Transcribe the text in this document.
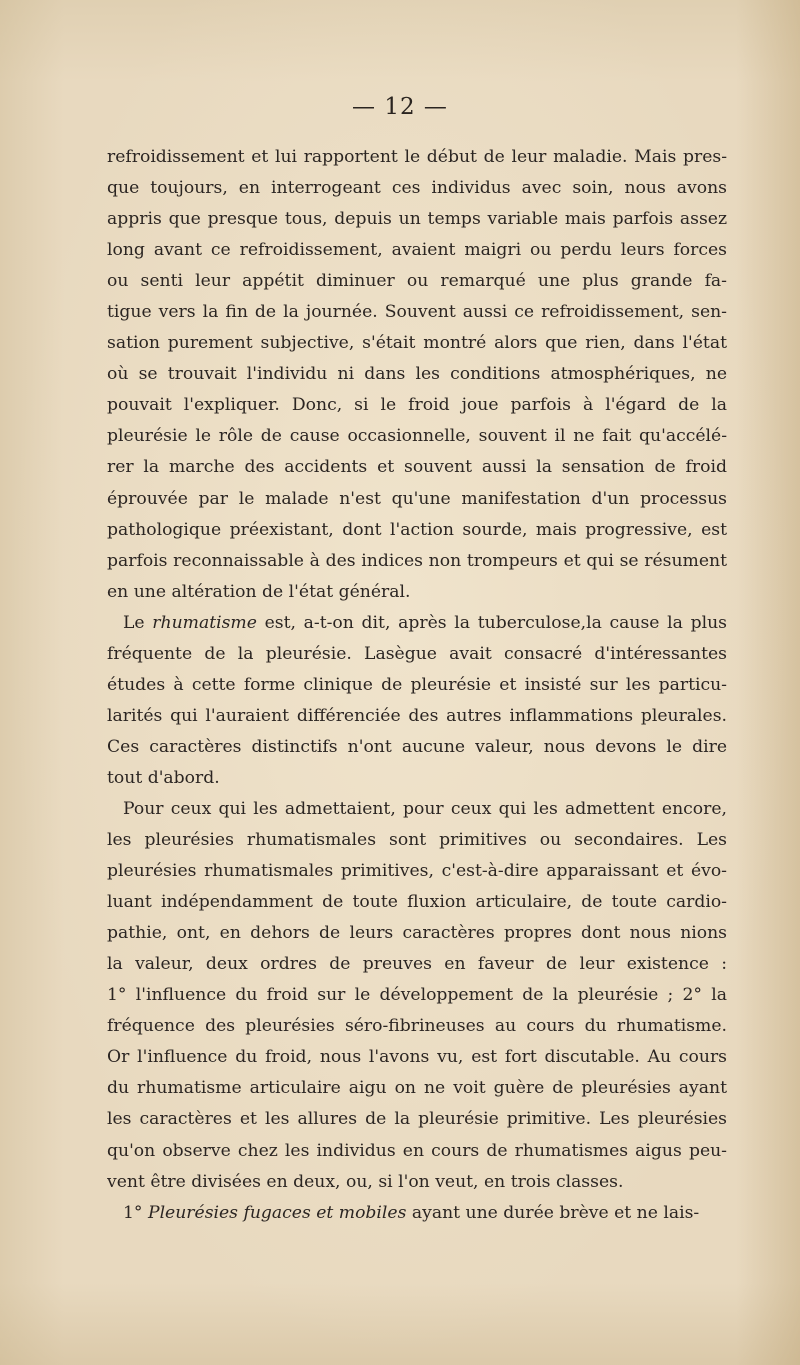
— 12 —
refroidissement et lui rapportent le début de leur maladie. Mais pres-
que toujours, en interrogeant ces individus avec soin, nous avons
appris que presque tous, depuis un temps variable mais parfois assez
long avant ce refroidissement, avaient maigri ou perdu leurs forces
ou senti leur appétit diminuer ou remarqué une plus grande fa-
tigue vers la fin de la journée. Souvent aussi ce refroidissement, sen-
sation purement subjective, s'était montré alors que rien, dans l'état
où se trouvait l'individu ni dans les conditions atmosphériques, ne
pouvait l'expliquer. Donc, si le froid joue parfois à l'égard de la
pleurésie le rôle de cause occasionnelle, souvent il ne fait qu'accélé-
rer la marche des accidents et souvent aussi la sensation de froid
éprouvée par le malade n'est qu'une manifestation d'un processus
pathologique préexistant, dont l'action sourde, mais progressive, est
parfois reconnaissable à des indices non trompeurs et qui se résument
en une altération de l'état général.
Le rhumatisme est, a-t-on dit, après la tuberculose,la cause la plus
fréquente de la pleurésie. Lasègue avait consacré d'intéressantes
études à cette forme clinique de pleurésie et insisté sur les particu-
larités qui l'auraient différenciée des autres inflammations pleurales.
Ces caractères distinctifs n'ont aucune valeur, nous devons le dire
tout d'abord.
Pour ceux qui les admettaient, pour ceux qui les admettent encore,
les pleurésies rhumatismales sont primitives ou secondaires. Les
pleurésies rhumatismales primitives, c'est-à-dire apparaissant et évo-
luant indépendamment de toute fluxion articulaire, de toute cardio-
pathie, ont, en dehors de leurs caractères propres dont nous nions
la valeur, deux ordres de preuves en faveur de leur existence :
1° l'influence du froid sur le développement de la pleurésie ; 2° la
fréquence des pleurésies séro-fibrineuses au cours du rhumatisme.
Or l'influence du froid, nous l'avons vu, est fort discutable. Au cours
du rhumatisme articulaire aigu on ne voit guère de pleurésies ayant
les caractères et les allures de la pleurésie primitive. Les pleurésies
qu'on observe chez les individus en cours de rhumatismes aigus peu-
vent être divisées en deux, ou, si l'on veut, en trois classes.
1° Pleurésies fugaces et mobiles ayant une durée brève et ne lais-
